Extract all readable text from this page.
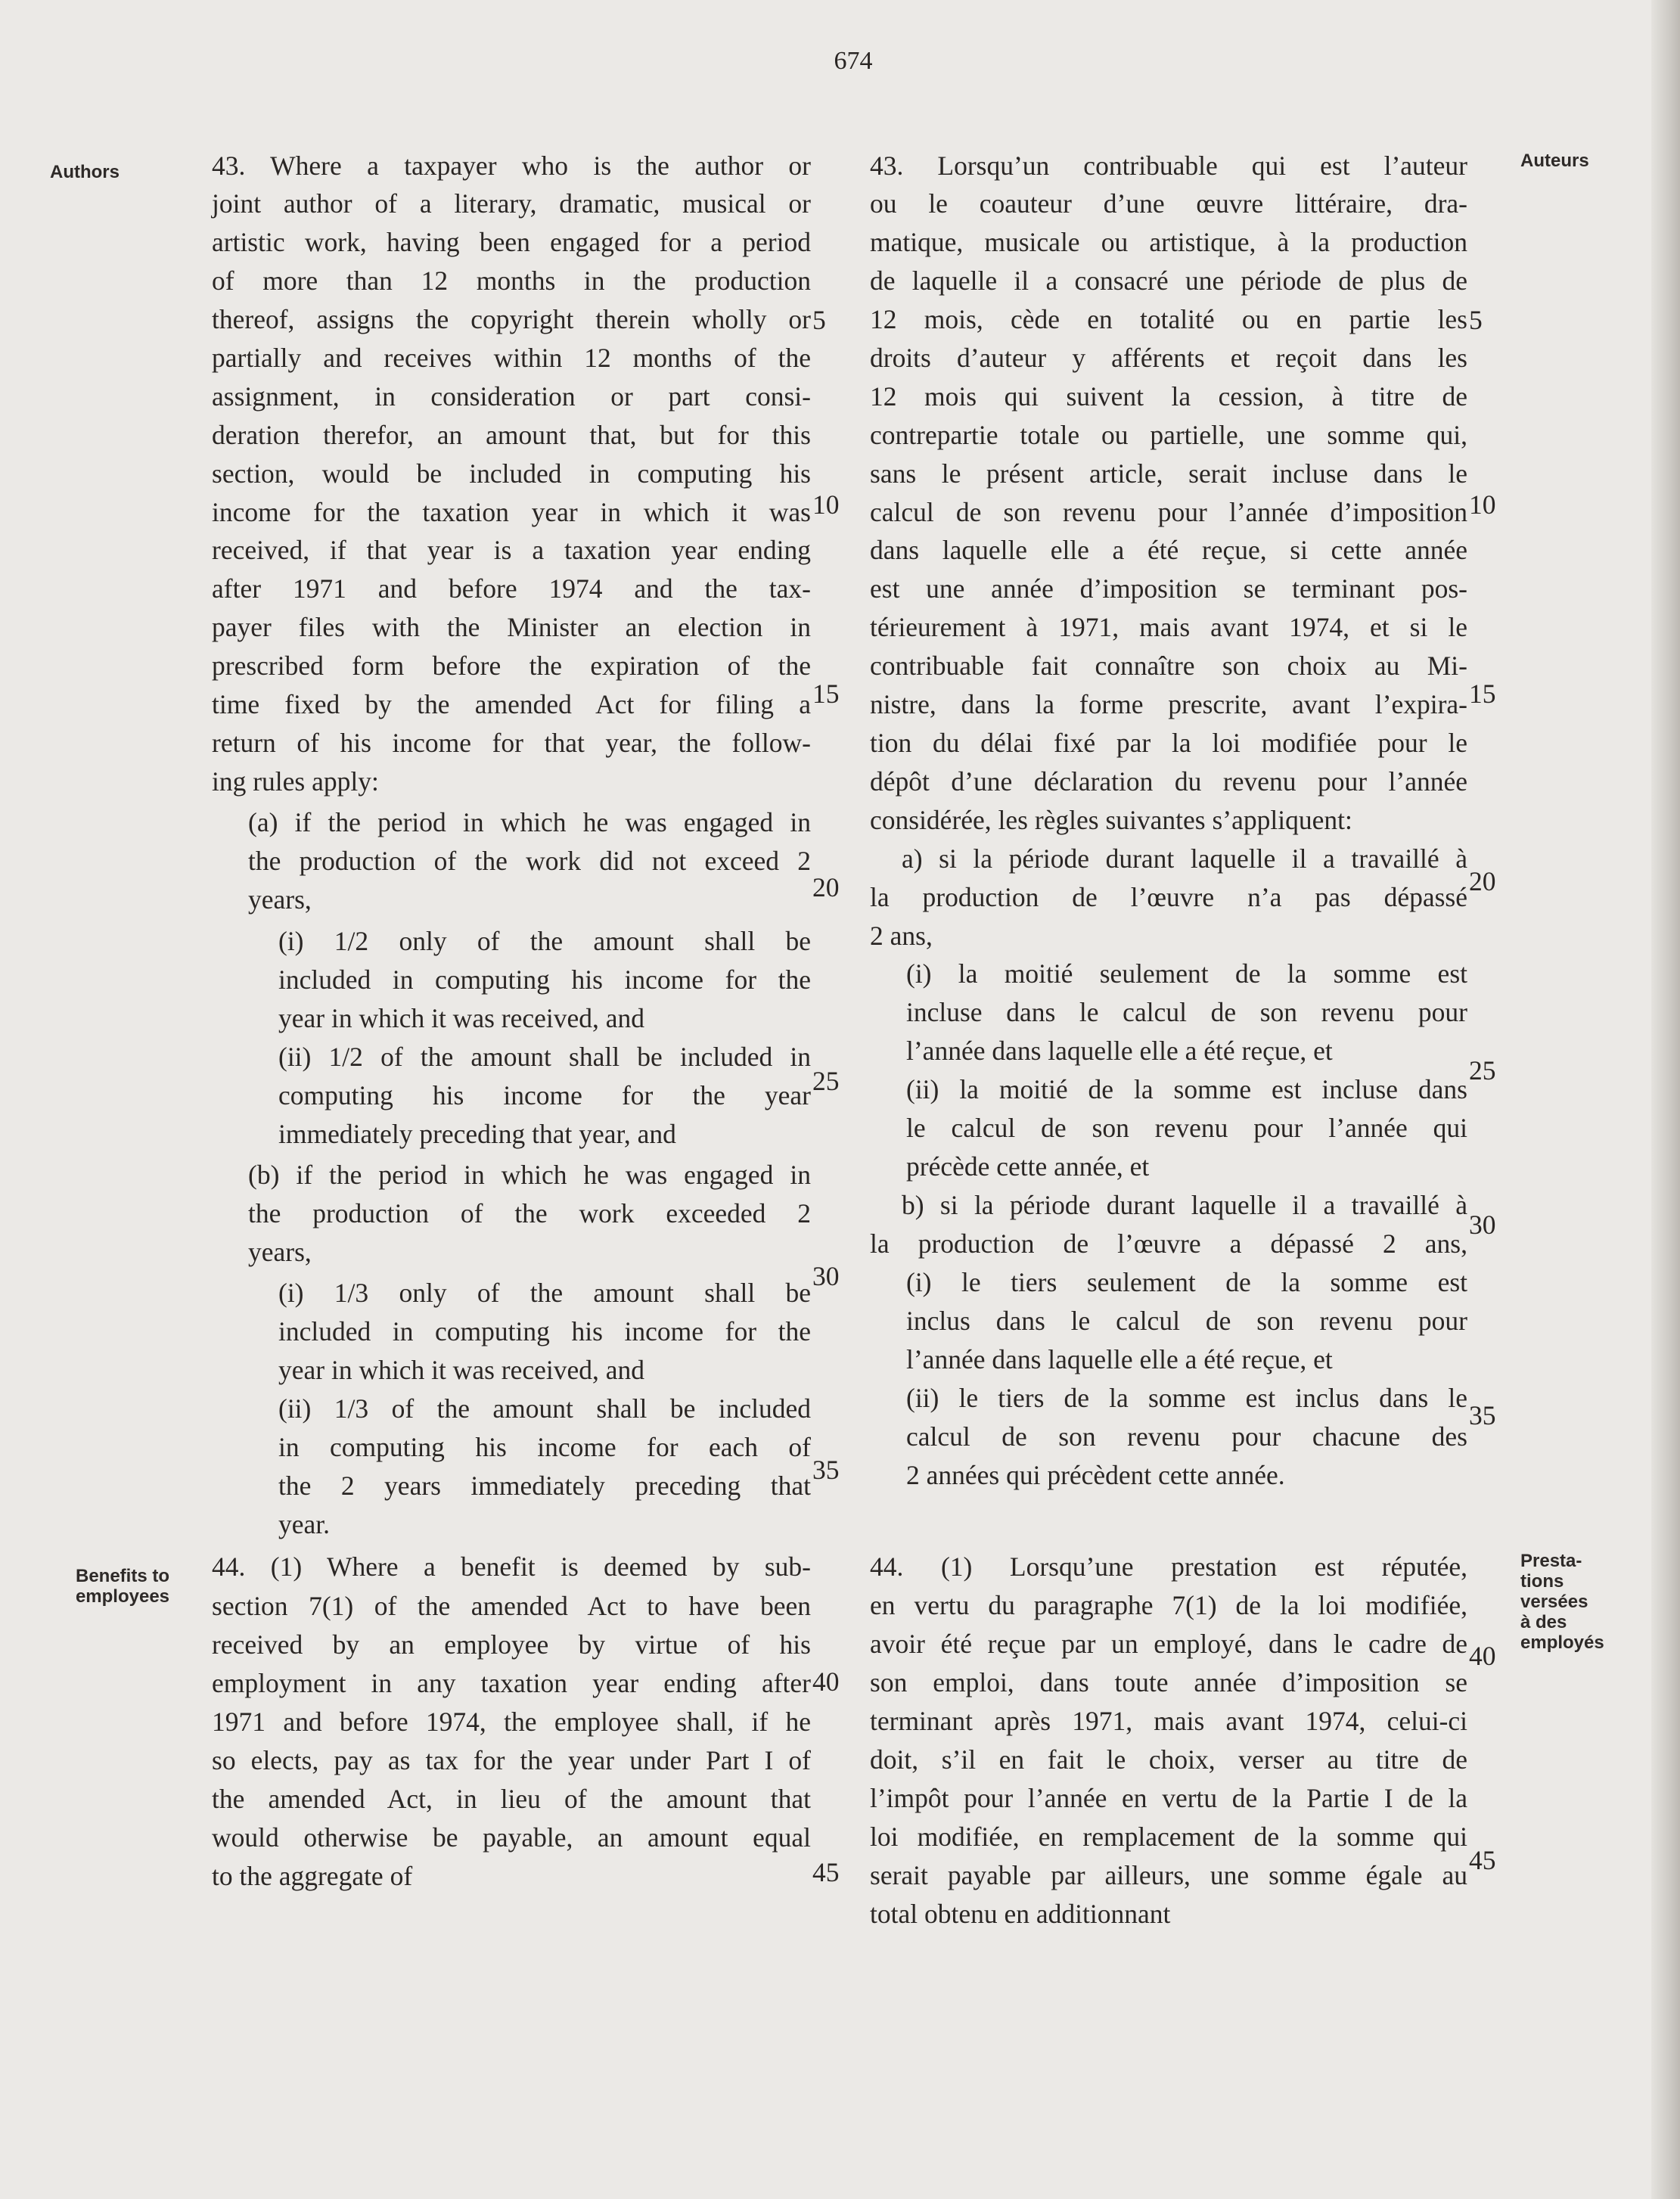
674
Authors
Auteurs
Benefits to
employees
Presta-
tions
versées
à des
employés
43. Where a taxpayer who is the author or
joint author of a literary, dramatic, musical or
artistic work, having been engaged for a period
of more than 12 months in the production
thereof, assigns the copyright therein wholly or
partially and receives within 12 months of the
assignment, in consideration or part consi-
deration therefor, an amount that, but for this
section, would be included in computing his
income for the taxation year in which it was
received, if that year is a taxation year ending
after 1971 and before 1974 and the tax-
payer files with the Minister an election in
prescribed form before the expiration of the
time fixed by the amended Act for filing a
return of his income for that year, the follow-
ing rules apply:
(a) if the period in which he was engaged in
the production of the work did not exceed 2
years,
(i) 1/2 only of the amount shall be
included in computing his income for the
year in which it was received, and
(ii) 1/2 of the amount shall be included in
computing his income for the year
immediately preceding that year, and
(b) if the period in which he was engaged in
the production of the work exceeded 2
years,
(i) 1/3 only of the amount shall be
included in computing his income for the
year in which it was received, and
(ii) 1/3 of the amount shall be included
in computing his income for each of
the 2 years immediately preceding that
year.
43. Lorsqu’un contribuable qui est l’auteur
ou le coauteur d’une œuvre littéraire, dra-
matique, musicale ou artistique, à la production
de laquelle il a consacré une période de plus de
12 mois, cède en totalité ou en partie les
droits d’auteur y afférents et reçoit dans les
12 mois qui suivent la cession, à titre de
contrepartie totale ou partielle, une somme qui,
sans le présent article, serait incluse dans le
calcul de son revenu pour l’année d’imposition
dans laquelle elle a été reçue, si cette année
est une année d’imposition se terminant pos-
térieurement à 1971, mais avant 1974, et si le
contribuable fait connaître son choix au Mi-
nistre, dans la forme prescrite, avant l’expira-
tion du délai fixé par la loi modifiée pour le
dépôt d’une déclaration du revenu pour l’année
considérée, les règles suivantes s’appliquent:
a) si la période durant laquelle il a travaillé à
la production de l’œuvre n’a pas dépassé
2 ans,
(i) la moitié seulement de la somme est
incluse dans le calcul de son revenu pour
l’année dans laquelle elle a été reçue, et
(ii) la moitié de la somme est incluse dans
le calcul de son revenu pour l’année qui
précède cette année, et
b) si la période durant laquelle il a travaillé à
la production de l’œuvre a dépassé 2 ans,
(i) le tiers seulement de la somme est
inclus dans le calcul de son revenu pour
l’année dans laquelle elle a été reçue, et
(ii) le tiers de la somme est inclus dans le
calcul de son revenu pour chacune des
2 années qui précèdent cette année.
44. (1) Where a benefit is deemed by sub-
section 7(1) of the amended Act to have been
received by an employee by virtue of his
employment in any taxation year ending after
1971 and before 1974, the employee shall, if he
so elects, pay as tax for the year under Part I of
the amended Act, in lieu of the amount that
would otherwise be payable, an amount equal
to the aggregate of
44. (1) Lorsqu’une prestation est réputée,
en vertu du paragraphe 7(1) de la loi modifiée,
avoir été reçue par un employé, dans le cadre de
son emploi, dans toute année d’imposition se
terminant après 1971, mais avant 1974, celui-ci
doit, s’il en fait le choix, verser au titre de
l’impôt pour l’année en vertu de la Partie I de la
loi modifiée, en remplacement de la somme qui
serait payable par ailleurs, une somme égale au
total obtenu en additionnant
5
10
15
20
25
30
35
40
45
5
10
15
20
25
30
35
40
45
